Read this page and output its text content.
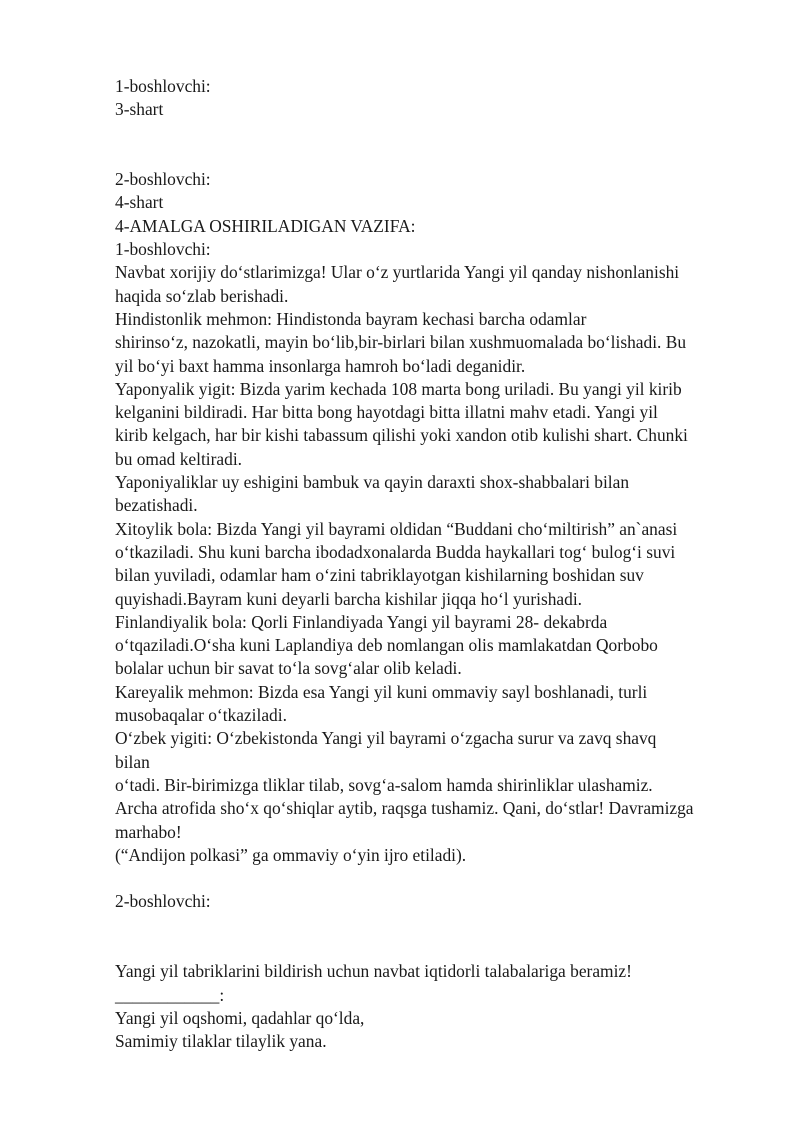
1-boshlovchi:
3-shart
2-boshlovchi:
4-shart
4-AMALGA OSHIRILADIGAN VAZIFA:
1-boshlovchi:
Navbat xorijiy do‘stlarimizga! Ular o‘z yurtlarida Yangi yil qanday nishonlanishi
haqida so‘zlab berishadi.
Hindistonlik mehmon: Hindistonda bayram kechasi barcha odamlar
shirinso‘z, nazokatli, mayin bo‘lib,bir-birlari bilan xushmuomalada bo‘lishadi. Bu
yil bo‘yi baxt hamma insonlarga hamroh bo‘ladi deganidir.
Yaponyalik yigit: Bizda yarim kechada 108 marta bong uriladi. Bu yangi yil kirib
kelganini bildiradi. Har bitta bong hayotdagi bitta illatni mahv etadi. Yangi yil
kirib kelgach, har bir kishi tabassum qilishi yoki xandon otib kulishi shart. Chunki
bu omad keltiradi.
Yaponiyaliklar uy eshigini bambuk va qayin daraxti shox-shabbalari bilan
bezatishadi.
Xitoylik bola: Bizda Yangi yil bayrami oldidan “Buddani cho‘miltirish” an`anasi
o‘tkaziladi. Shu kuni barcha ibodadxonalarda Budda haykallari tog‘ bulog‘i suvi
bilan yuviladi, odamlar ham o‘zini tabriklayotgan kishilarning boshidan suv
quyishadi.Bayram kuni deyarli barcha kishilar jiqqa ho‘l yurishadi.
Finlandiyalik bola: Qorli Finlandiyada Yangi yil bayrami 28- dekabrda
o‘tqaziladi.O‘sha kuni Laplandiya deb nomlangan olis mamlakatdan Qorbobo
bolalar uchun bir savat to‘la sovg‘alar olib keladi.
Kareyalik mehmon: Bizda esa Yangi yil kuni ommaviy sayl boshlanadi, turli
musobaqalar o‘tkaziladi.
O‘zbek yigiti: O‘zbekistonda Yangi yil bayrami o‘zgacha surur va zavq shavq
bilan
o‘tadi. Bir-birimizga tliklar tilab, sovg‘a-salom hamda shirinliklar ulashamiz.
Archa atrofida sho‘x qo‘shiqlar aytib, raqsga tushamiz. Qani, do‘stlar! Davramizga
marhabo!
(“Andijon polkasi” ga ommaviy o‘yin ijro etiladi).
2-boshlovchi:
Yangi yil tabriklarini bildirish uchun navbat iqtidorli talabalariga beramiz!
____________:
Yangi yil oqshomi, qadahlar qo‘lda,
Samimiy tilaklar tilaylik yana.
